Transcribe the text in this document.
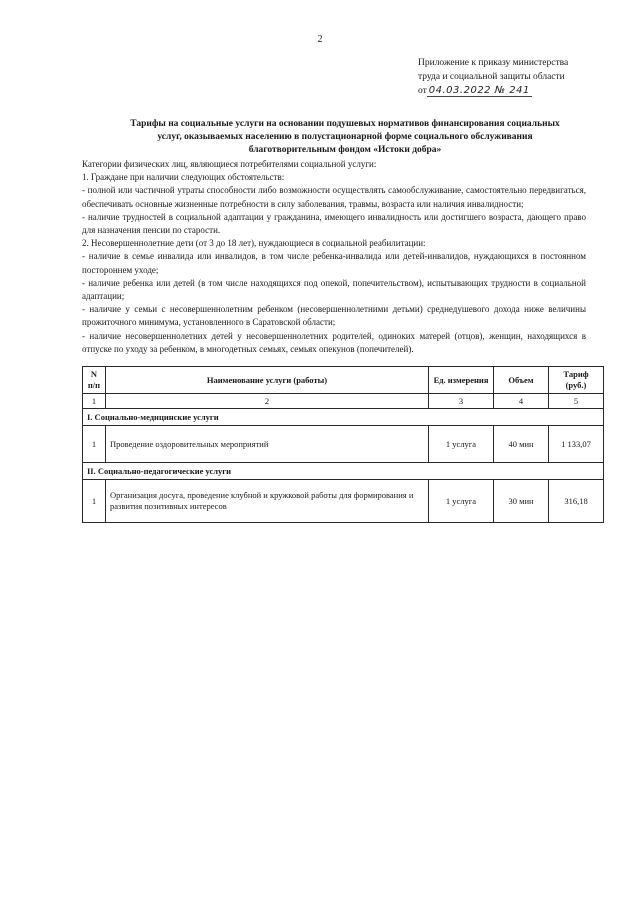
2
Приложение к приказу министерства
труда и социальной защиты области
от 04.03.2022 № 241
Тарифы на социальные услуги на основании подушевых нормативов финансирования социальных
услуг, оказываемых населению в полустационарной форме социального обслуживания
благотворительным фондом «Истоки добра»

Категории физических лиц, являющиеся потребителями социальной услуги:

1. Граждане при наличии следующих обстоятельств:

- полной или частичной утраты способности либо возможности осуществлять самообслуживание, самостоятельно передвигаться, обеспечивать основные жизненные потребности в силу заболевания, травмы, возраста или наличия инвалидности;

- наличие трудностей в социальной адаптации у гражданина, имеющего инвалидность или достигшего возраста, дающего право для назначения пенсии по старости.

2. Несовершеннолетние дети (от 3 до 18 лет), нуждающиеся в социальной реабилитации:

- наличие в семье инвалида или инвалидов, в том числе ребенка-инвалида или детей-инвалидов, нуждающихся в постоянном постороннем уходе;

- наличие ребенка или детей (в том числе находящихся под опекой, попечительством), испытывающих трудности в социальной адаптации;

- наличие у семьи с несовершеннолетним ребенком (несовершеннолетними детьми) среднедушевого дохода ниже величины прожиточного минимума, установленного в Саратовской области;

- наличие несовершеннолетних детей у несовершеннолетних родителей, одиноких матерей (отцов), женщин, находящихся в отпуске по уходу за ребенком, в многодетных семьях, семьях опекунов (попечителей).

N п/п	Наименование услуги (работы)	Ед. измерения	Объем	Тариф (руб.)
1	2	3	4	5
I. Социально-медицинские услуги				
1	Проведение оздоровительных мероприятий	1 услуга	40 мин	1 133,07
II. Социально-педагогические услуги				
1	Организация досуга, проведение клубной и кружковой работы для формирования и развития позитивных интересов	1 услуга	30 мин	316,18
